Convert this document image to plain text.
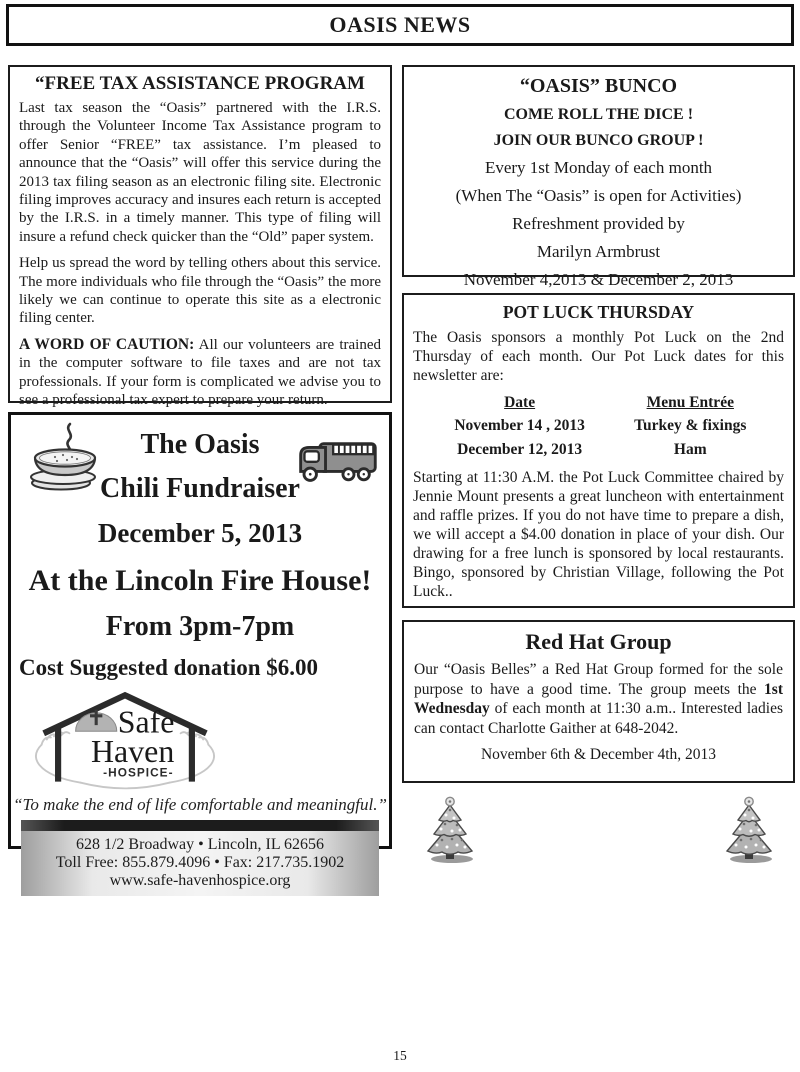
OASIS NEWS
“FREE TAX ASSISTANCE PROGRAM

Last tax season the “Oasis” partnered with the I.R.S. through the Volunteer Income Tax Assistance program to offer Senior “FREE” tax assistance. I’m pleased to announce that the “Oasis” will offer this service during the 2013 tax filing season as an electronic filing site. Electronic filing improves accuracy and insures each return is accepted by the I.R.S. in a timely manner. This type of filing will insure a refund check quicker than the “Old” paper system.

Help us spread the word by telling others about this service. The more individuals who file through the “Oasis” the more likely we can continue to operate this site as a electronic filing center.

A WORD OF CAUTION: All our volunteers are trained in the computer software to file taxes and are not tax professionals. If your form is complicated we advise you to see a professional tax expert to prepare your return.

The Oasis
Chili Fundraiser
December 5, 2013
At the Lincoln Fire House!
From 3pm-7pm
Cost Suggested donation $6.00
Safe
Haven
-HOSPICE-
“To make the end of life comfortable and meaningful.”
628 1/2 Broadway • Lincoln, IL 62656
Toll Free: 855.879.4096 • Fax: 217.735.1902
www.safe-havenhospice.org
“OASIS” BUNCO
COME ROLL THE DICE !
JOIN OUR BUNCO GROUP !
Every 1st Monday of each month
(When The “Oasis” is open for Activities)
Refreshment provided by
Marilyn Armbrust
November 4,2013 & December 2, 2013
POT LUCK THURSDAY

The Oasis sponsors a monthly Pot Luck on the 2nd Thursday of each month. Our Pot Luck dates for this newsletter are:

Date	Menu Entrée
November 14 , 2013	Turkey & fixings
December 12, 2013	Ham

Starting at 11:30 A.M. the Pot Luck Committee chaired by Jennie Mount presents a great luncheon with entertainment and raffle prizes. If you do not have time to prepare a dish, we will accept a $4.00 donation in place of your dish. Our drawing for a free lunch is sponsored by local restaurants. Bingo, sponsored by Christian Village, following the Pot Luck..

Red Hat Group

Our “Oasis Belles” a Red Hat Group formed for the sole purpose to have a good time. The group meets the 1st Wednesday of each month at 11:30 a.m.. Interested ladies can contact Charlotte Gaither at 648-2042.

November 6th & December 4th, 2013
15
